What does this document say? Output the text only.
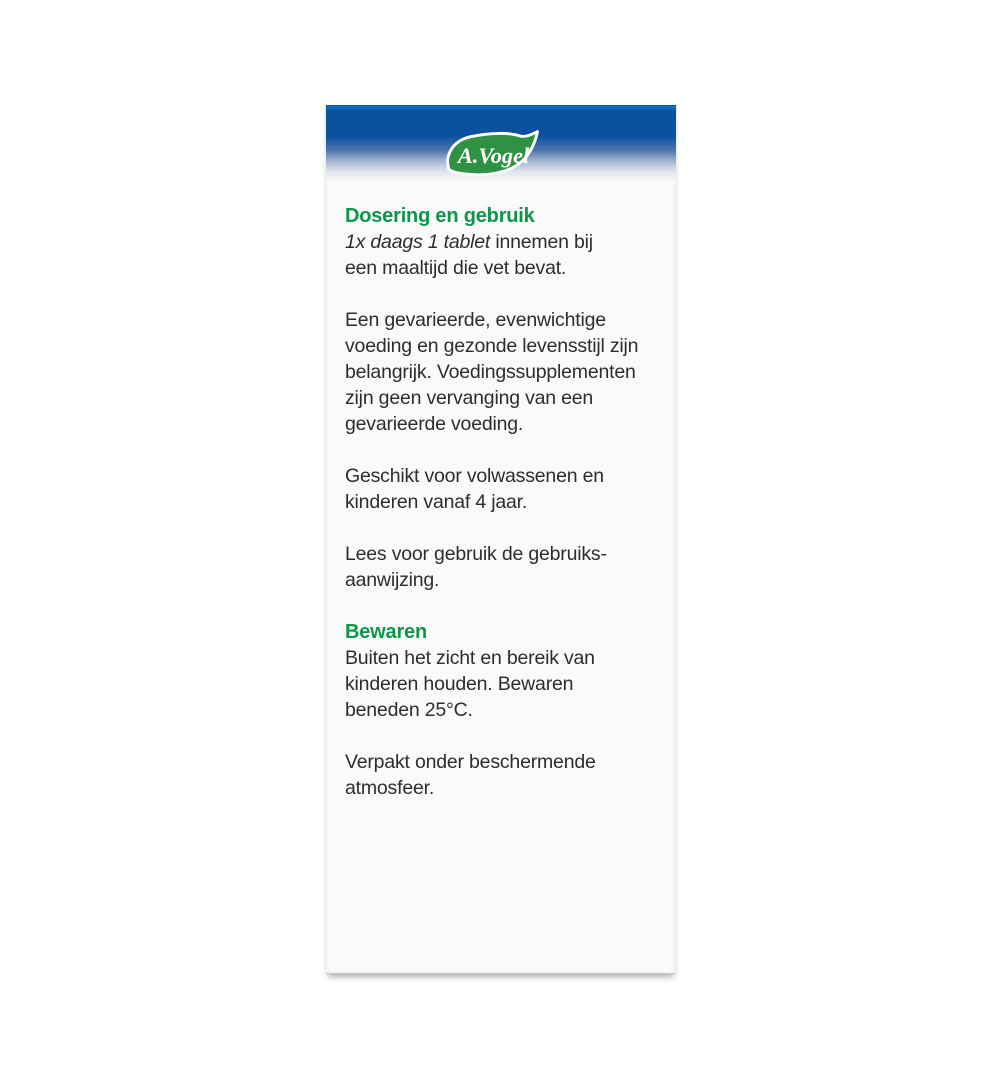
A.Vogel
Dosering en gebruik

1x daags 1 tablet innemen bij
een maaltijd die vet bevat.

Een gevarieerde, evenwichtige
voeding en gezonde levensstijl zijn
belangrijk. Voedingssupplementen
zijn geen vervanging van een
gevarieerde voeding.

Geschikt voor volwassenen en
kinderen vanaf 4 jaar.

Lees voor gebruik de gebruiks-
aanwijzing.

Bewaren

Buiten het zicht en bereik van
kinderen houden. Bewaren
beneden 25°C.

Verpakt onder beschermende
atmosfeer.
